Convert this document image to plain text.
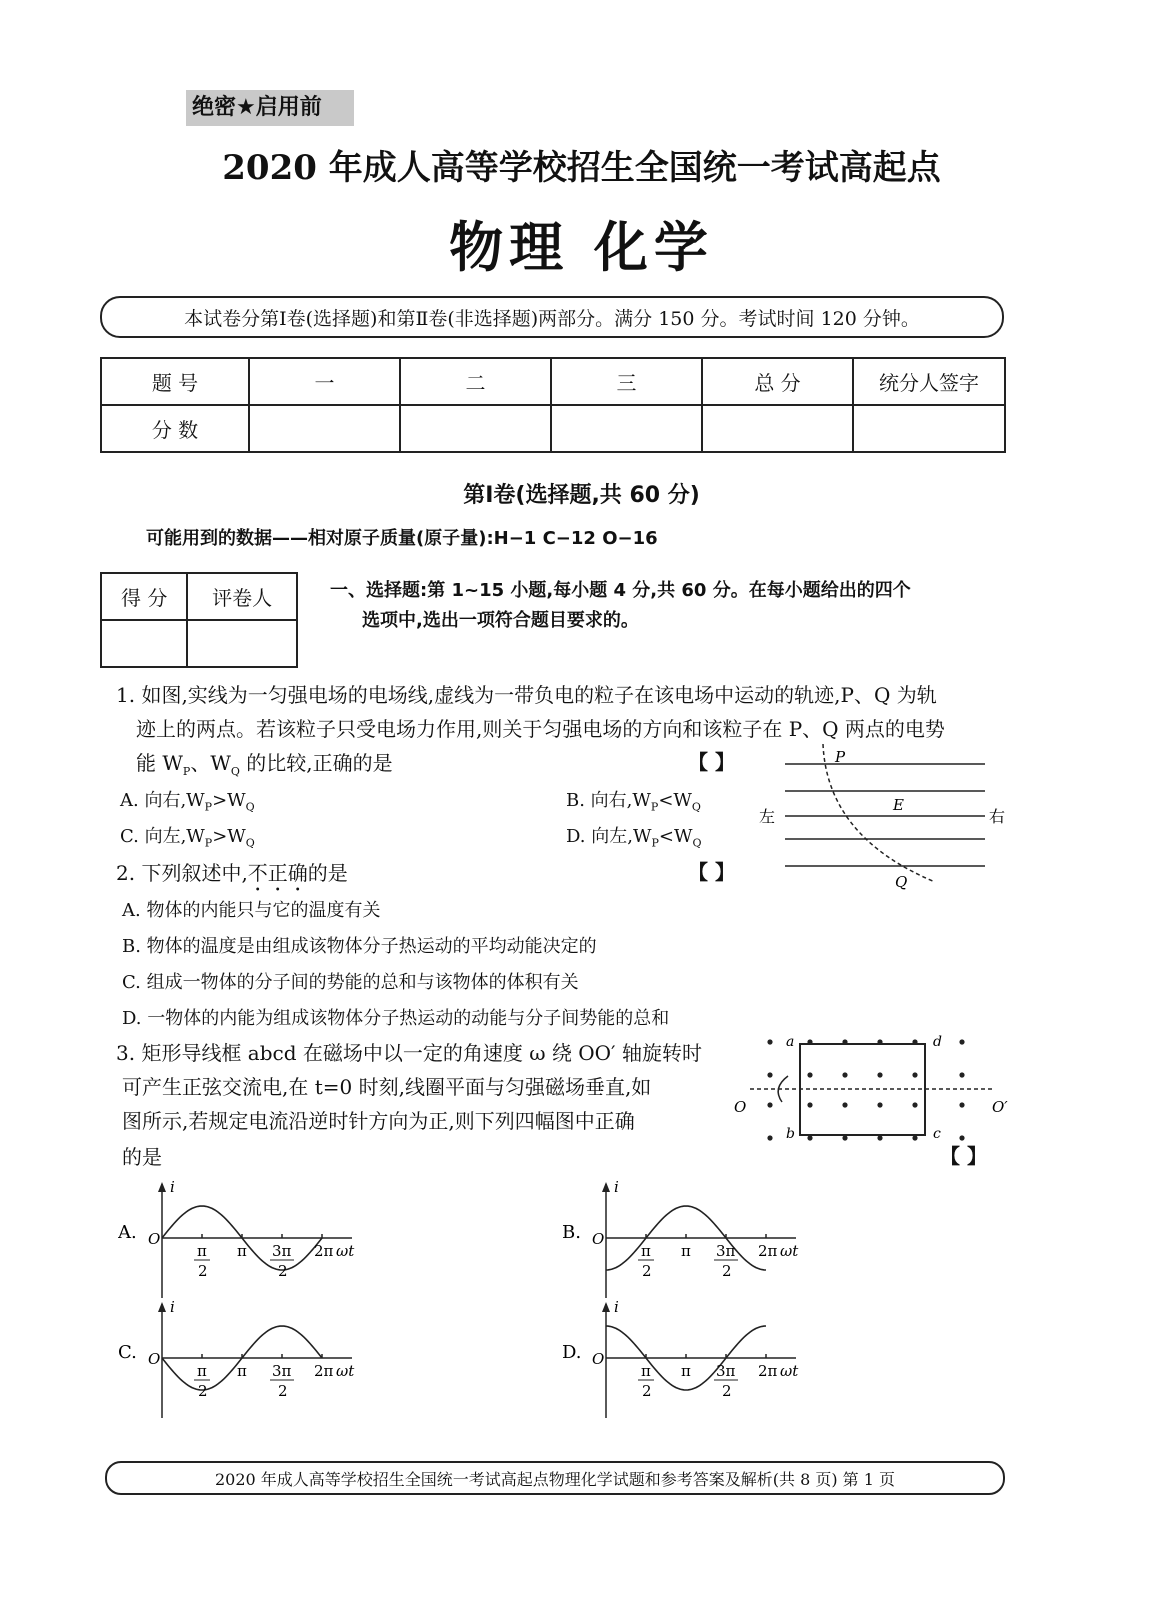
绝密★启用前
2020 年成人高等学校招生全国统一考试高起点
物理 化学
本试卷分第Ⅰ卷(选择题)和第Ⅱ卷(非选择题)两部分。满分 150 分。考试时间 120 分钟。
题 号	一	二	三	总 分	统分人签字
分 数					
第Ⅰ卷(选择题,共 60 分)
可能用到的数据——相对原子质量(原子量):H−1 C−12 O−16
得 分	评卷人
		一、选择题:第 1~15 小题,每小题 4 分,共 60 分。在每小题给出的四个
选项中,选出一项符合题目要求的。
1. 如图,实线为一匀强电场的电场线,虚线为一带负电的粒子在该电场中运动的轨迹,P、Q 为轨
迹上的两点。若该粒子只受电场力作用,则关于匀强电场的方向和该粒子在 P、Q 两点的电势
能 $W_P$、$W_Q$ 的比较,正确的是	【 】
A. 向右$,W_P>W_Q$	B. 向右$,W_P<W_Q$
C. 向左$,W_P>W_Q$	D. 向左$,W_P<W_Q$
P
E
Q
左	右
2. 下列叙述中,不正确的是	【 】
A. 物体的内能只与它的温度有关
B. 物体的温度是由组成该物体分子热运动的平均动能决定的
C. 组成一物体的分子间的势能的总和与该物体的体积有关
D. 一物体的内能为组成该物体分子热运动的动能与分子间势能的总和
3. 矩形导线框 abcd 在磁场中以一定的角速度 ω 绕 OO′ 轴旋转时
可产生正弦交流电,在 t=0 时刻,线圈平面与匀强磁场垂直,如
图所示,若规定电流沿逆时针方向为正,则下列四幅图中正确
的是	【 】
a
b	c
d
O	O′
A. O
i
π
2
π 3π
2
2π ωt
B. O
i
π
2
π 3π
2
2π ωt
C. O
i
π
2
π 3π
2
2π ωt
D. O
i
π
2
π 3π
2
2π ωt
2020 年成人高等学校招生全国统一考试高起点物理化学试题和参考答案及解析(共 8 页) 第 1 页
